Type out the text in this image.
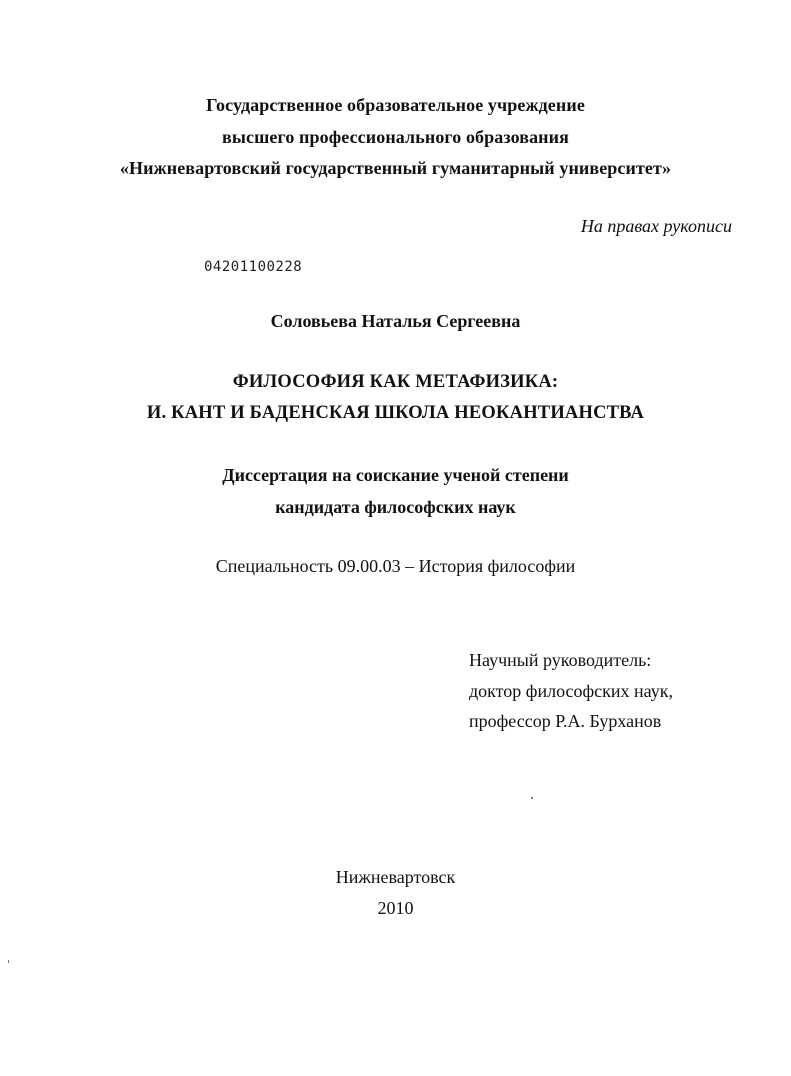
Государственное образовательное учреждение
высшего профессионального образования
«Нижневартовский государственный гуманитарный университет»
На правах рукописи
04201100228
Соловьева Наталья Сергеевна
ФИЛОСОФИЯ КАК МЕТАФИЗИКА:
И. КАНТ И БАДЕНСКАЯ ШКОЛА НЕОКАНТИАНСТВА
Диссертация на соискание ученой степени
кандидата философских наук
Специальность 09.00.03 – История философии
Научный руководитель:
доктор философских наук,
профессор Р.А. Бурханов
Нижневартовск
2010
